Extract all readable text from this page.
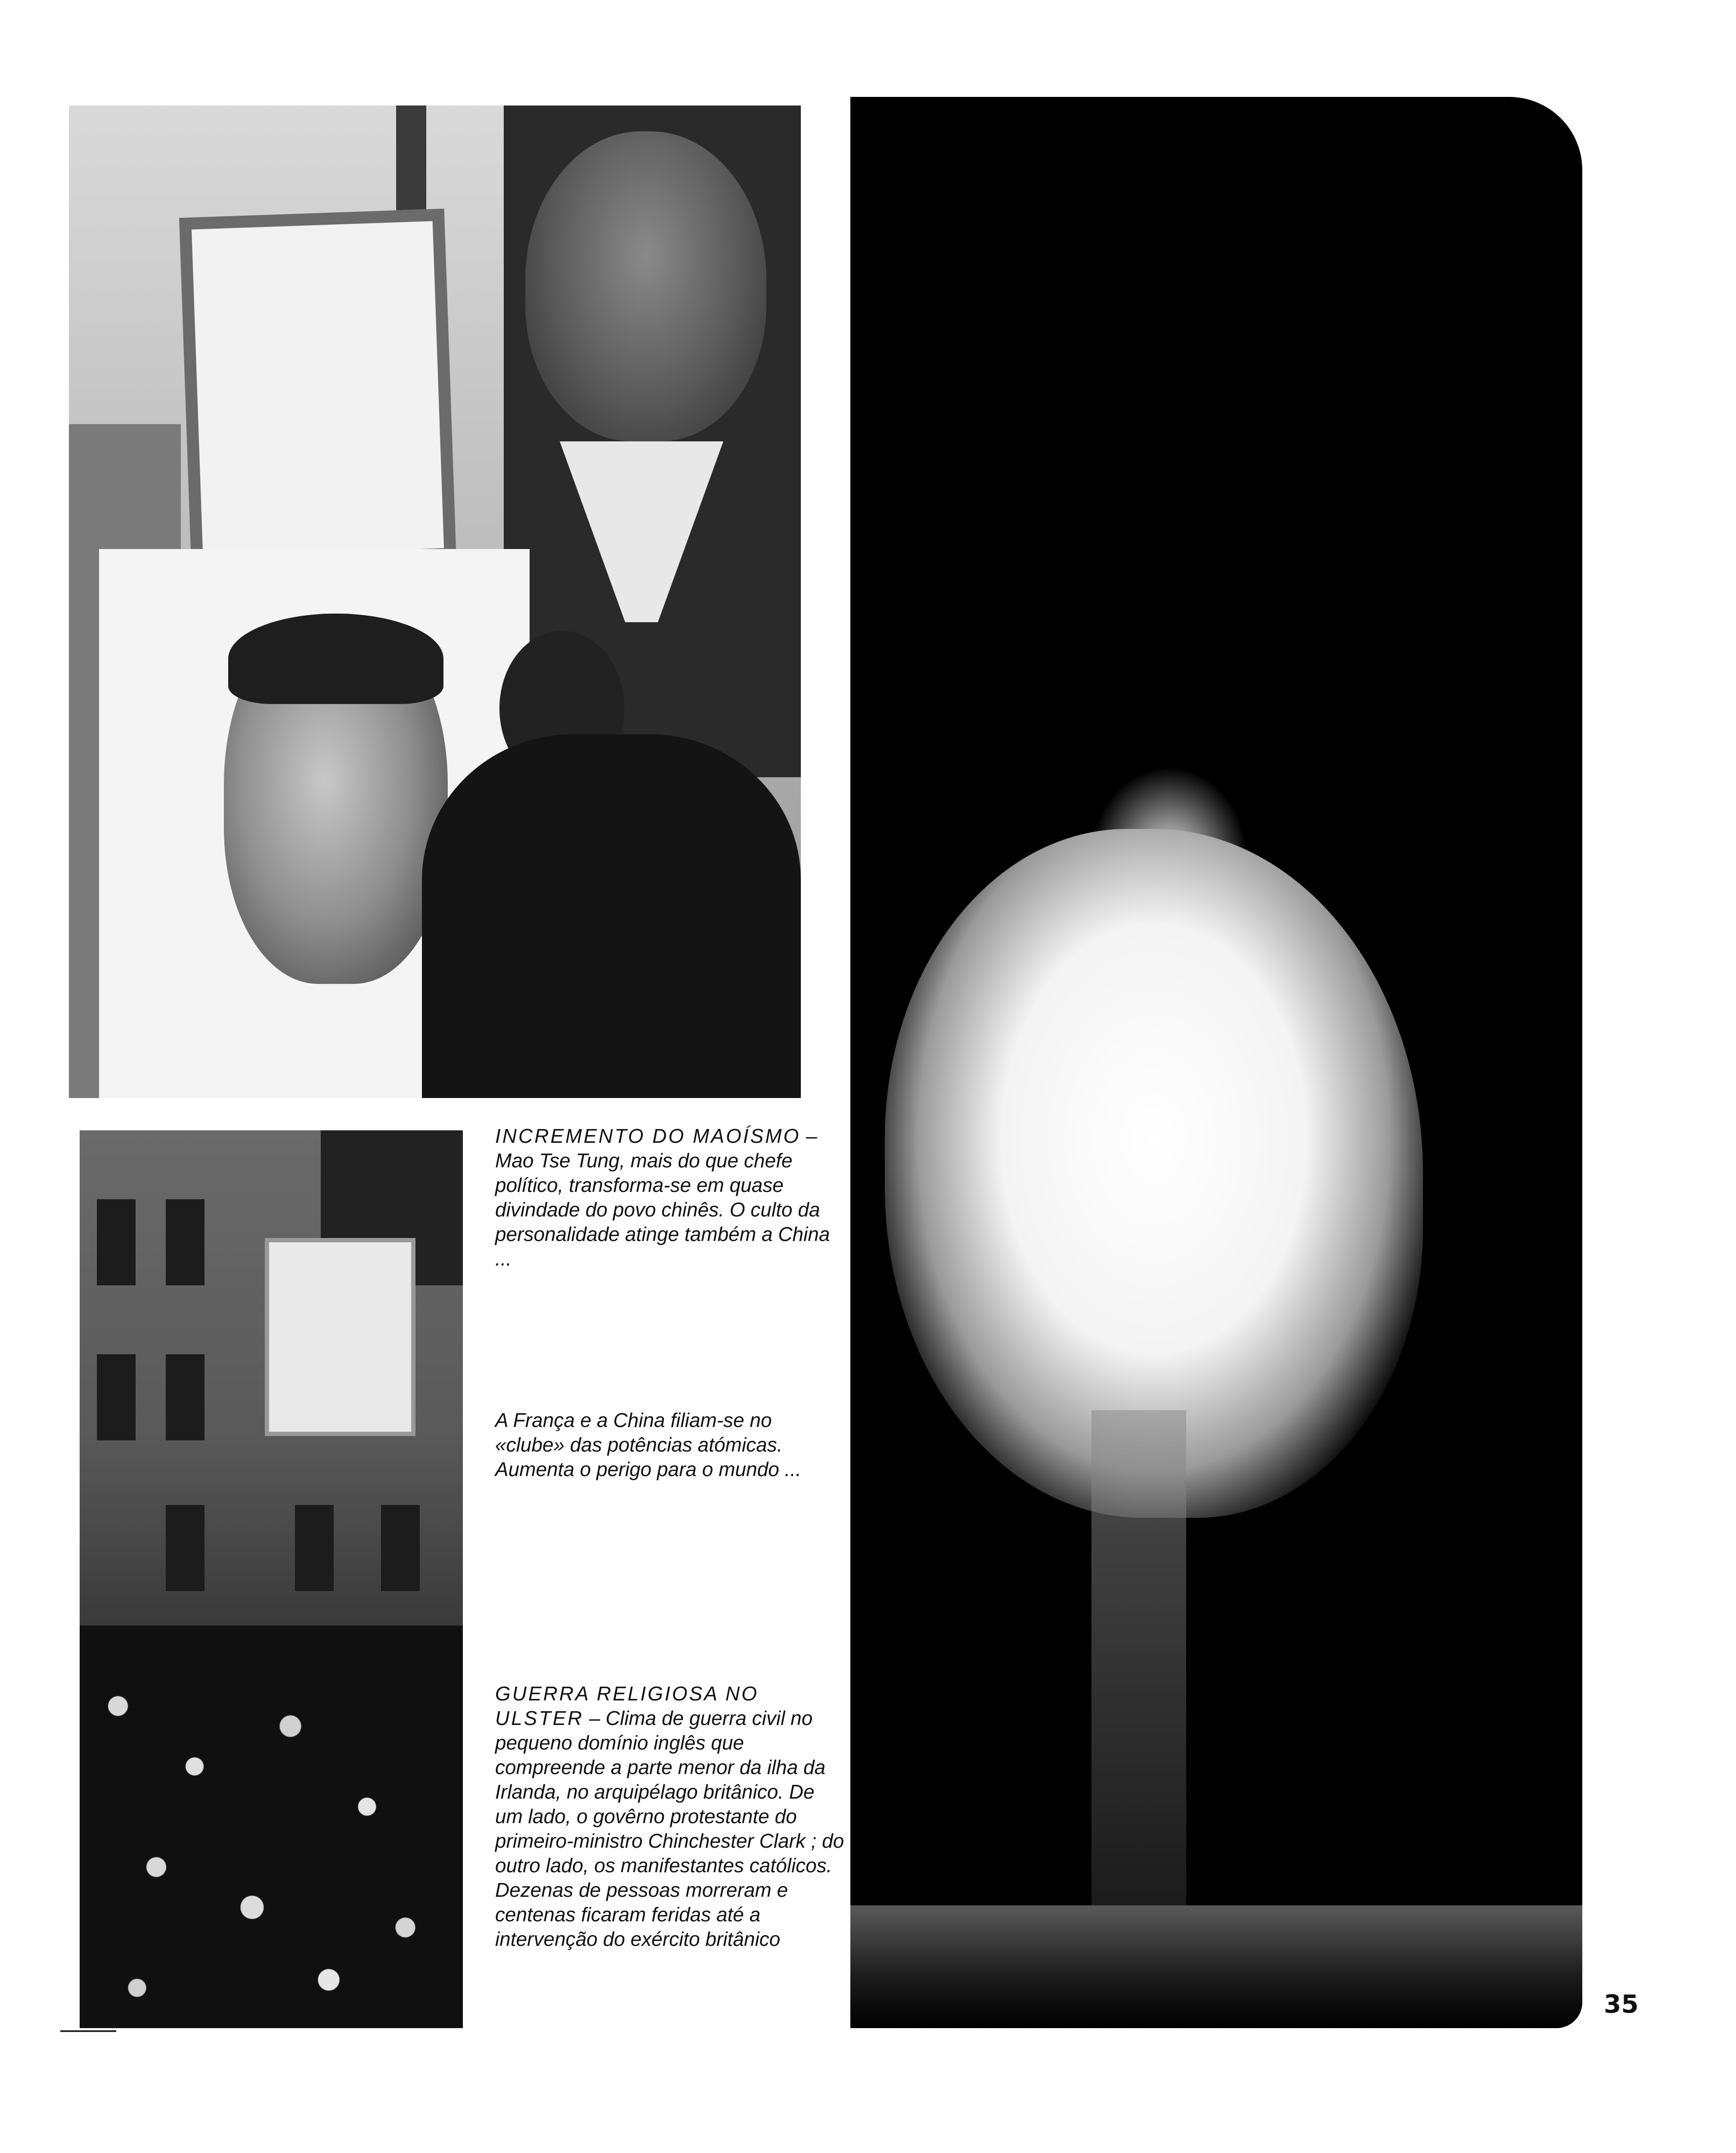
INCREMENTO DO MAOÍSMO – Mao Tse Tung, mais do que chefe político, transforma-se em quase divindade do povo chinês. O culto da personalidade atinge também a China ...
A França e a China filiam-se no «clube» das potências atómicas. Aumenta o perigo para o mundo ...
GUERRA RELIGIOSA NO ULSTER – Clima de guerra civil no pequeno domínio inglês que compreende a parte menor da ilha da Irlanda, no arquipélago britânico. De um lado, o govêrno protestante do primeiro-ministro Chinchester Clark ; do outro lado, os manifestantes católicos. Dezenas de pessoas morreram e centenas ficaram feridas até a intervenção do exército britânico
35
